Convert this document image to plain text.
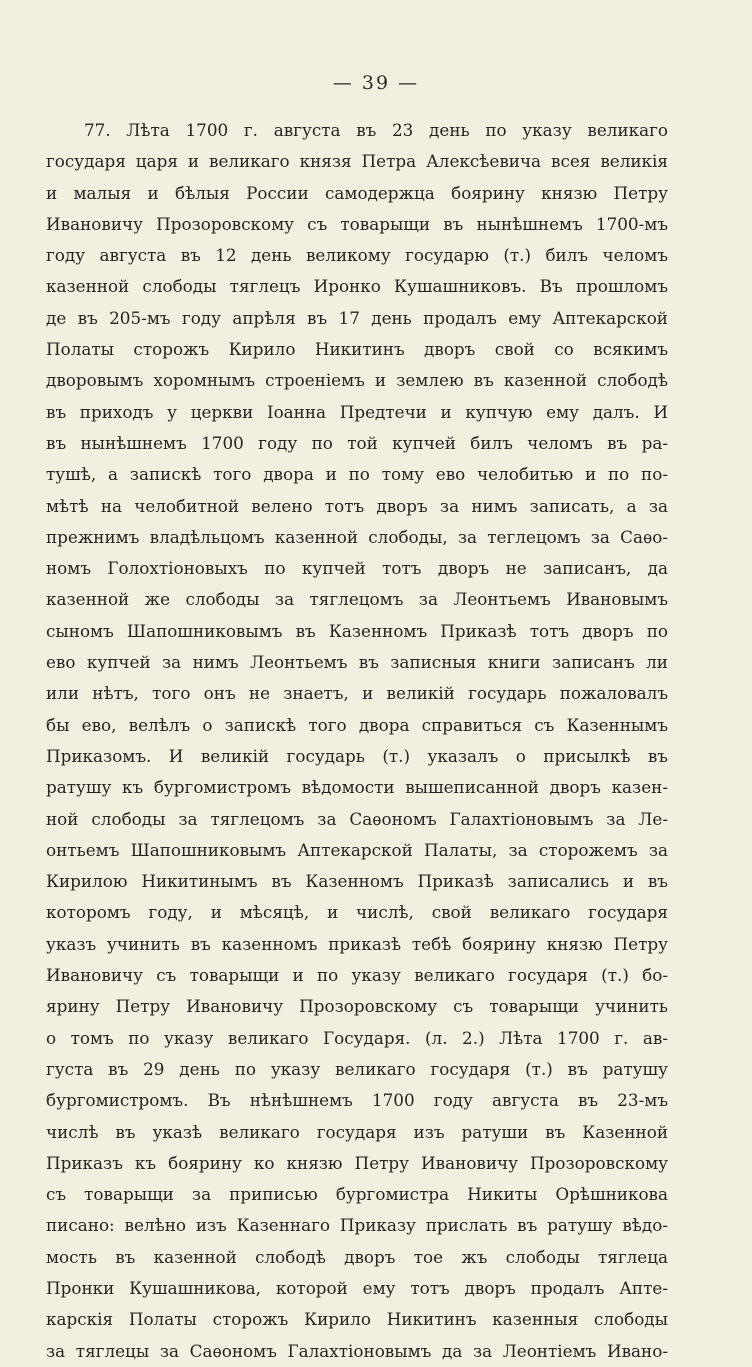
— 39 —
77. Лѣта 1700 г. августа въ 23 день по указу великаго
государя царя и великаго князя Петра Алексѣевича всея великія
и малыя и бѣлыя России самодержца боярину князю Петру
Ивановичу Прозоровскому съ товарыщи въ нынѣшнемъ 1700-мъ
году августа въ 12 день великому государю (т.) билъ челомъ
казенной слободы тяглецъ Иронко Кушашниковъ. Въ прошломъ
де въ 205-мъ году апрѣля въ 17 день продалъ ему Аптекарской
Полаты сторожъ Кирило Никитинъ дворъ свой со всякимъ
дворовымъ хоромнымъ строеніемъ и землею въ казенной слободѣ
въ приходъ у церкви Іоанна Предтечи и купчую ему далъ. И
въ нынѣшнемъ 1700 году по той купчей билъ челомъ въ ра-
тушѣ, а запискѣ того двора и по тому ево челобитью и по по-
мѣтѣ на челобитной велено тотъ дворъ за нимъ записать, а за
прежнимъ владѣльцомъ казенной слободы, за теглецомъ за Саѳо-
номъ Голохтіоновыхъ по купчей тотъ дворъ не записанъ, да
казенной же слободы за тяглецомъ за Леонтьемъ Ивановымъ
сыномъ Шапошниковымъ въ Казенномъ Приказѣ тотъ дворъ по
ево купчей за нимъ Леонтьемъ въ записныя книги записанъ ли
или нѣтъ, того онъ не знаетъ, и великій государь пожаловалъ
бы ево, велѣлъ о запискѣ того двора справиться съ Казеннымъ
Приказомъ. И великій государь (т.) указалъ о присылкѣ въ
ратушу къ бургомистромъ вѣдомости вышеписанной дворъ казен-
ной слободы за тяглецомъ за Саѳономъ Галахтіоновымъ за Ле-
онтьемъ Шапошниковымъ Аптекарской Палаты, за сторожемъ за
Кирилою Никитинымъ въ Казенномъ Приказѣ записались и въ
которомъ году, и мѣсяцѣ, и числѣ, свой великаго государя
указъ учинить въ казенномъ приказѣ тебѣ боярину князю Петру
Ивановичу съ товарыщи и по указу великаго государя (т.) бо-
ярину Петру Ивановичу Прозоровскому съ товарыщи учинить
о томъ по указу великаго Государя. (л. 2.) Лѣта 1700 г. ав-
густа въ 29 день по указу великаго государя (т.) въ ратушу
бургомистромъ. Въ нѣнѣшнемъ 1700 году августа въ 23-мъ
числѣ въ указѣ великаго государя изъ ратуши въ Казенной
Приказъ къ боярину ко князю Петру Ивановичу Прозоровскому
съ товарыщи за приписью бургомистра Никиты Орѣшникова
писано: велѣно изъ Казеннаго Приказу прислать въ ратушу вѣдо-
мость въ казенной слободѣ дворъ тое жъ слободы тяглеца
Пронки Кушашникова, которой ему тотъ дворъ продалъ Апте-
карскія Полаты сторожъ Кирило Никитинъ казенныя слободы
за тяглецы за Саѳономъ Галахтіоновымъ да за Леонтіемъ Ивано-
